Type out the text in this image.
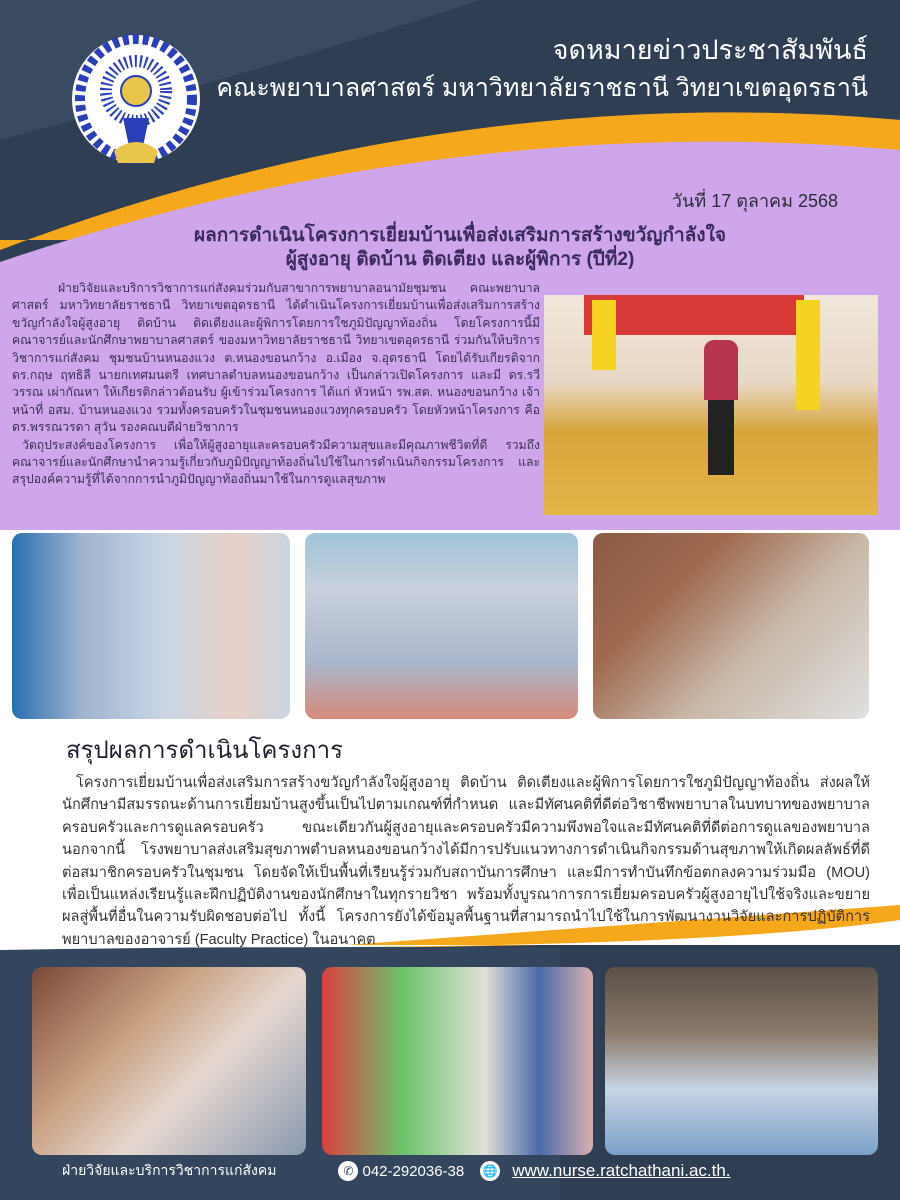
จดหมายข่าวประชาสัมพันธ์
คณะพยาบาลศาสตร์ มหาวิทยาลัยราชธานี วิทยาเขตอุดรธานี
วันที่ 17 ตุลาคม 2568
ผลการดำเนินโครงการเยี่ยมบ้านเพื่อส่งเสริมการสร้างขวัญกำลังใจ
ผู้สูงอายุ ติดบ้าน ติดเตียง และผู้พิการ (ปีที่2)

ฝ่ายวิจัยและบริการวิชาการแก่สังคมร่วมกับสาขาการพยาบาลอนามัยชุมชน คณะพยาบาลศาสตร์ มหาวิทยาลัยราชธานี วิทยาเขตอุดรธานี ได้ดำเนินโครงการเยี่ยมบ้านเพื่อส่งเสริมการสร้างขวัญกำลังใจผู้สูงอายุ ติดบ้าน ติดเตียงและผู้พิการโดยการใชภูมิปัญญาท้องถิ่น โดยโครงการนี้มีคณาจารย์และนักศึกษาพยาบาลศาสตร์ ของมหาวิทยาลัยราชธานี วิทยาเขตอุดรธานี ร่วมกันให้บริการวิชาการแก่สังคม ชุมชนบ้านหนองแวง ต.หนองขอนกว้าง อ.เมือง จ.อุดรธานี โดยได้รับเกียรติจาก ดร.กฤษ ฤทธิลี นายกเทศมนตรี เทศบาลตำบลหนองขอนกว้าง เป็นกล่าวเปิดโครงการ และมี ดร.รวีวรรณ เผ่ากัณหา ให้เกียรติกล่าวต้อนรับ ผู้เข้าร่วมโครงการ ได้แก่ หัวหน้า รพ.สต. หนองขอนกว้าง เจ้าหน้าที่ อสม. บ้านหนองแวง รวมทั้งครอบครัวในชุมชนหนองแวงทุกครอบครัว โดยหัวหน้าโครงการ คือ ดร.พรรณวรดา สุวัน รองคณบดีฝ่ายวิชาการ

วัตถุประสงค์ของโครงการ เพื่อให้ผู้สูงอายุและครอบครัวมีความสุขและมีคุณภาพชีวิตที่ดี รวมถึงคณาจารย์และนักศึกษานำความรู้เกี่ยวกับภูมิปัญญาท้องถิ่นไปใช้ในการดำเนินกิจกรรมโครงการ และสรุปองค์ความรู้ที่ได้จากการนำภูมิปัญญาท้องถิ่นมาใช้ในการดูแลสุขภาพ

สรุปผลการดำเนินโครงการ

โครงการเยี่ยมบ้านเพื่อส่งเสริมการสร้างขวัญกำลังใจผู้สูงอายุ ติดบ้าน ติดเตียงและผู้พิการโดยการใชภูมิปัญญาท้องถิ่น ส่งผลให้นักศึกษามีสมรรถนะด้านการเยี่ยมบ้านสูงขึ้นเป็นไปตามเกณฑ์ที่กำหนด และมีทัศนคติที่ดีต่อวิชาชีพพยาบาลในบทบาทของพยาบาลครอบครัวและการดูแลครอบครัว ขณะเดียวกันผู้สูงอายุและครอบครัวมีความพึงพอใจและมีทัศนคติที่ดีต่อการดูแลของพยาบาล นอกจากนี้ โรงพยาบาลส่งเสริมสุขภาพตำบลหนองขอนกว้างได้มีการปรับแนวทางการดำเนินกิจกรรมด้านสุขภาพให้เกิดผลลัพธ์ที่ดีต่อสมาชิกครอบครัวในชุมชน โดยจัดให้เป็นพื้นที่เรียนรู้ร่วมกับสถาบันการศึกษา และมีการทำบันทึกข้อตกลงความร่วมมือ (MOU) เพื่อเป็นแหล่งเรียนรู้และฝึกปฏิบัติงานของนักศึกษาในทุกรายวิชา พร้อมทั้งบูรณาการการเยี่ยมครอบครัวผู้สูงอายุไปใช้จริงและขยายผลสู่พื้นที่อื่นในความรับผิดชอบต่อไป ทั้งนี้ โครงการยังได้ข้อมูลพื้นฐานที่สามารถนำไปใช้ในการพัฒนางานวิจัยและการปฏิบัติการพยาบาลของอาจารย์ (Faculty Practice) ในอนาคต

ฝ่ายวิจัยและบริการวิชาการแก่สังคม	✆ 042-292036-38 🌐 www.nurse.ratchathani.ac.th.
